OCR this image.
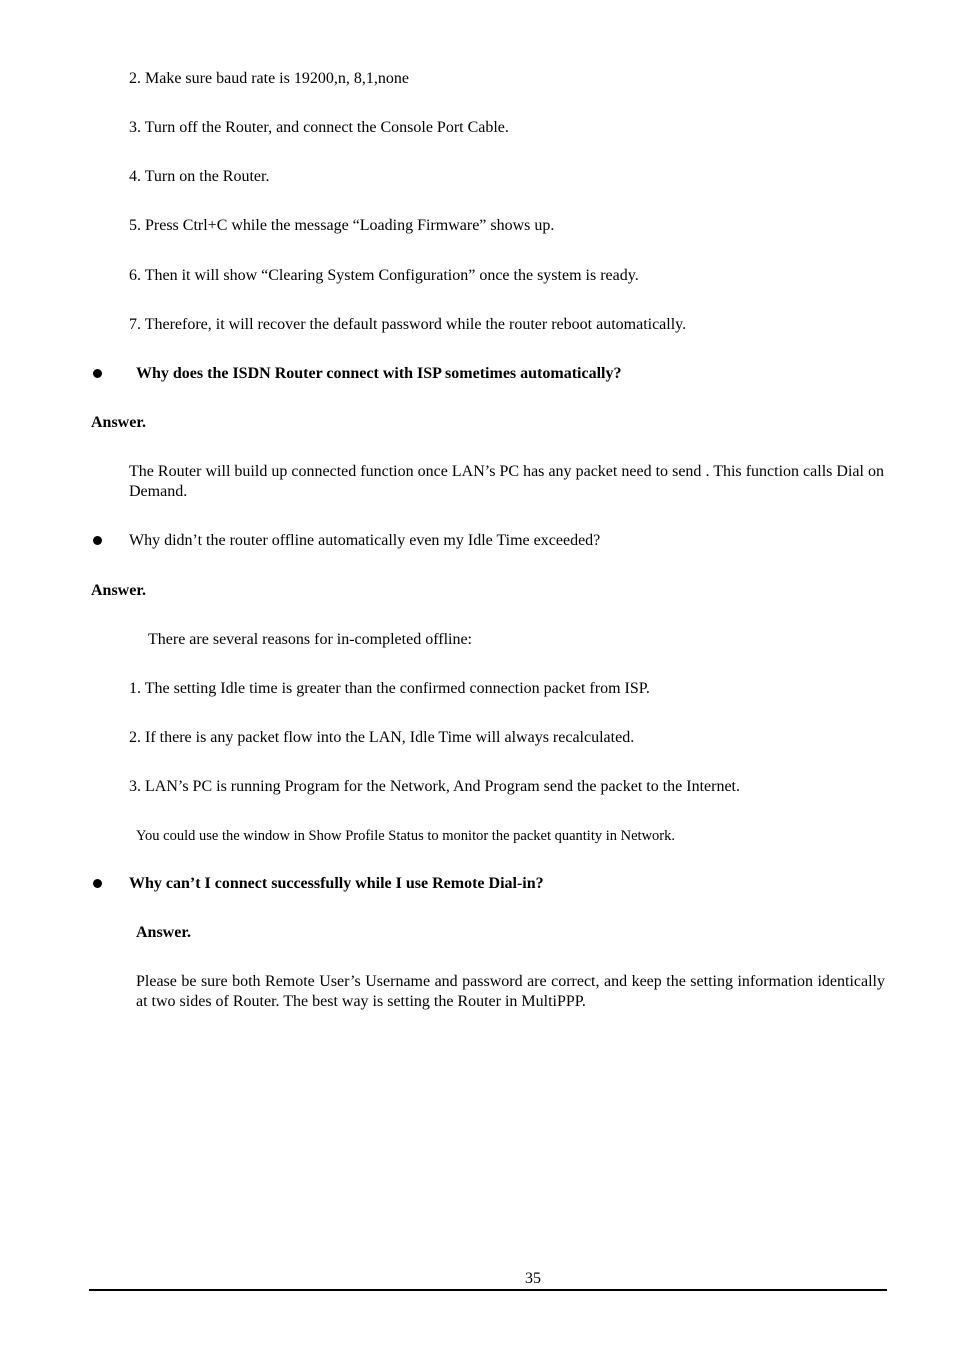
2. Make sure baud rate is 19200,n, 8,1,none
3. Turn off the Router, and connect the Console Port Cable.
4. Turn on the Router.
5. Press Ctrl+C while the message “Loading Firmware” shows up.
6. Then it will show “Clearing System Configuration” once the system is ready.
7. Therefore, it will recover the default password while the router reboot automatically.
Why does the ISDN Router connect with ISP sometimes automatically?
Answer.
The Router will build up connected function once LAN’s PC has any packet need to send . This function calls Dial on Demand.
Why didn’t the router offline automatically even my Idle Time exceeded?
Answer.
There are several reasons for in-completed offline:
1. The setting Idle time is greater than the confirmed connection packet from ISP.
2. If there is any packet flow into the LAN, Idle Time will always recalculated.
3. LAN’s PC is running Program for the Network, And Program send the packet to the Internet.
You could use the window in Show Profile Status to monitor the packet quantity in Network.
Why can’t I connect successfully while I use Remote Dial-in?
Answer.
Please be sure both Remote User’s Username and password are correct, and keep the setting information identically at two sides of Router. The best way is setting the Router in MultiPPP.
35
